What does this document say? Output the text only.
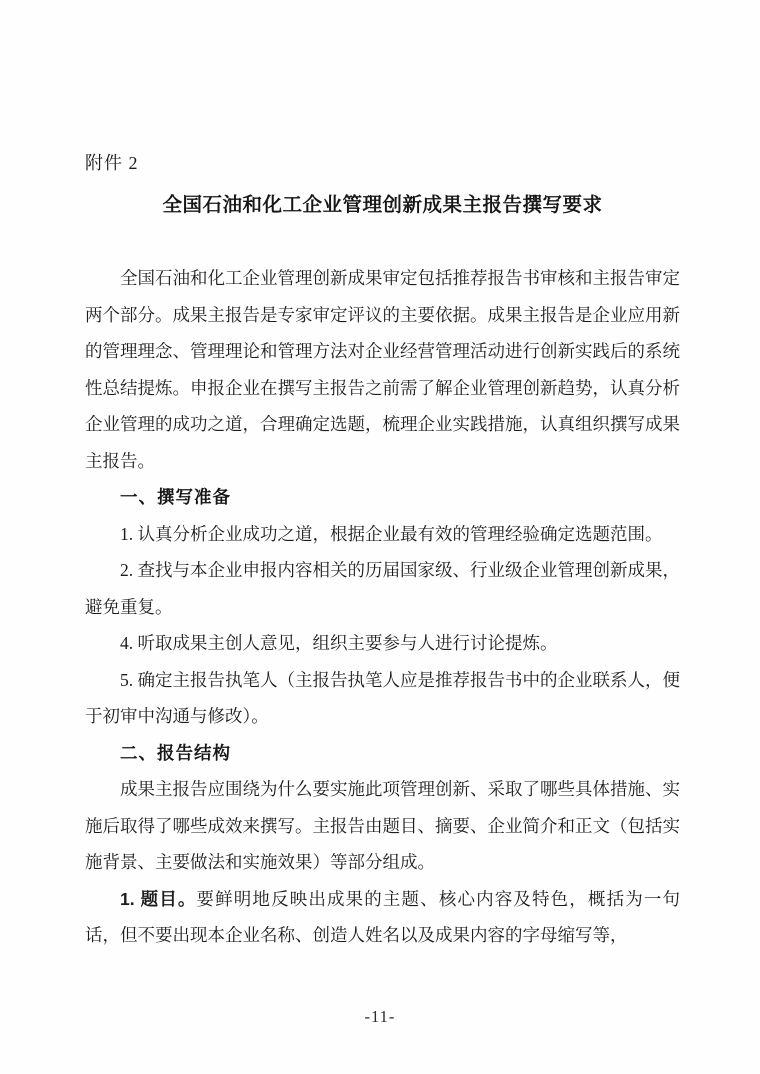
附件 2
全国石油和化工企业管理创新成果主报告撰写要求

全国石油和化工企业管理创新成果审定包括推荐报告书审核和主报告审定两个部分。成果主报告是专家审定评议的主要依据。成果主报告是企业应用新的管理理念、管理理论和管理方法对企业经营管理活动进行创新实践后的系统性总结提炼。申报企业在撰写主报告之前需了解企业管理创新趋势，认真分析企业管理的成功之道，合理确定选题，梳理企业实践措施，认真组织撰写成果主报告。

一、撰写准备

1. 认真分析企业成功之道，根据企业最有效的管理经验确定选题范围。

2. 查找与本企业申报内容相关的历届国家级、行业级企业管理创新成果，避免重复。

4. 听取成果主创人意见，组织主要参与人进行讨论提炼。

5. 确定主报告执笔人（主报告执笔人应是推荐报告书中的企业联系人，便于初审中沟通与修改）。

二、报告结构

成果主报告应围绕为什么要实施此项管理创新、采取了哪些具体措施、实施后取得了哪些成效来撰写。主报告由题目、摘要、企业简介和正文（包括实施背景、主要做法和实施效果）等部分组成。

1. 题目。要鲜明地反映出成果的主题、核心内容及特色，概括为一句话，但不要出现本企业名称、创造人姓名以及成果内容的字母缩写等，

-11-
